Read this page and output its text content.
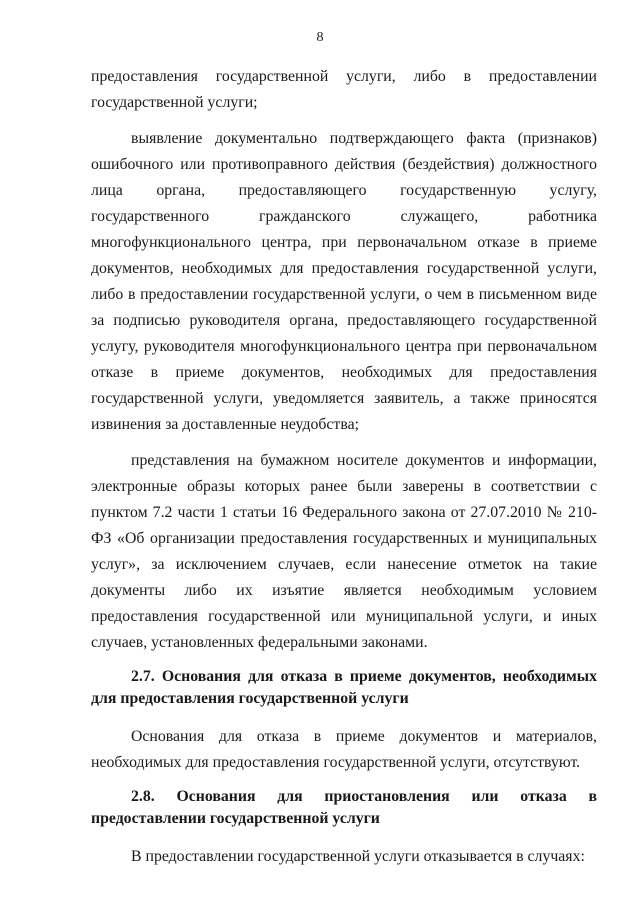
8

предоставления государственной услуги, либо в предоставлении государственной услуги;

выявление документально подтверждающего факта (признаков) ошибочного или противоправного действия (бездействия) должностного лица органа, предоставляющего государственную услугу, государственного гражданского служащего, работника многофункционального центра, при первоначальном отказе в приеме документов, необходимых для предоставления государственной услуги, либо в предоставлении государственной услуги, о чем в письменном виде за подписью руководителя органа, предоставляющего государственной услугу, руководителя многофункционального центра при первоначальном отказе в приеме документов, необходимых для предоставления государственной услуги, уведомляется заявитель, а также приносятся извинения за доставленные неудобства;

представления на бумажном носителе документов и информации, электронные образы которых ранее были заверены в соответствии с пунктом 7.2 части 1 статьи 16 Федерального закона от 27.07.2010 № 210-ФЗ «Об организации предоставления государственных и муниципальных услуг», за исключением случаев, если нанесение отметок на такие документы либо их изъятие является необходимым условием предоставления государственной или муниципальной услуги, и иных случаев, установленных федеральными законами.

2.7. Основания для отказа в приеме документов, необходимых для предоставления государственной услуги

Основания для отказа в приеме документов и материалов, необходимых для предоставления государственной услуги, отсутствуют.

2.8. Основания для приостановления или отказа в предоставлении государственной услуги

В предоставлении государственной услуги отказывается в случаях:
